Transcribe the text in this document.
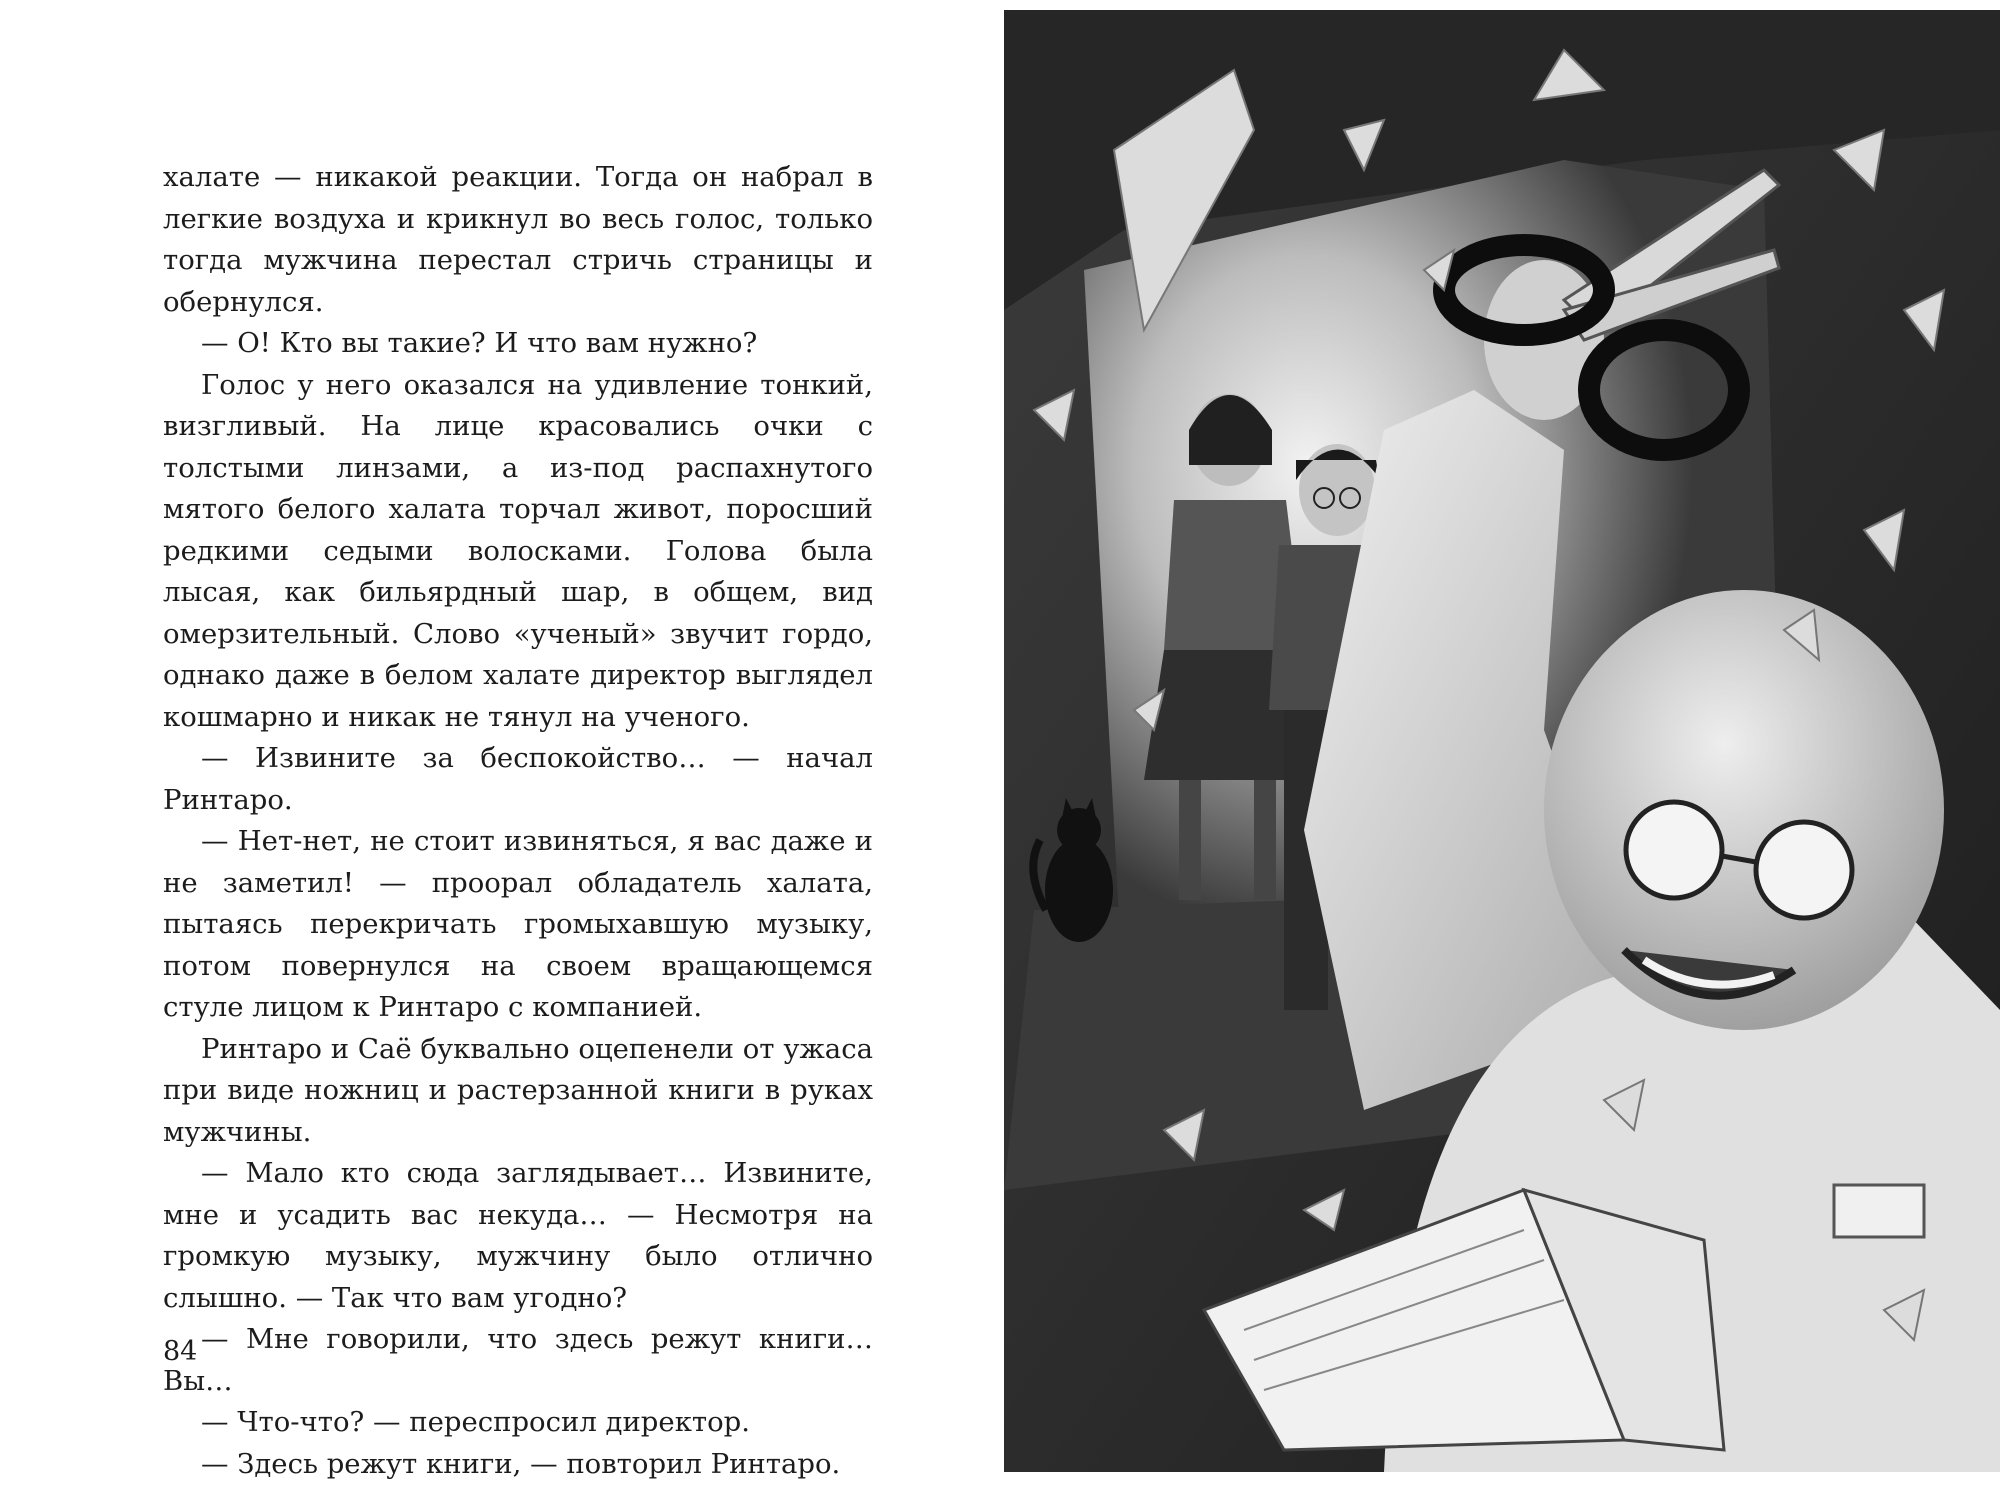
халате — никакой реакции. Тогда он набрал в легкие воздуха и крикнул во весь голос, только тогда мужчина перестал стричь страницы и обернулся.

— О! Кто вы такие? И что вам нужно?

Голос у него оказался на удивление тонкий, визгливый. На лице красовались очки с толстыми линзами, а из-под распахнутого мятого белого халата торчал живот, поросший редкими седыми волосками. Голова была лысая, как бильярдный шар, в общем, вид омерзительный. Слово «ученый» звучит гордо, однако даже в белом халате директор выглядел кошмарно и никак не тянул на ученого.

— Извините за беспокойство… — начал Ринтаро.

— Нет-нет, не стоит извиняться, я вас даже и не заметил! — проорал обладатель халата, пытаясь перекричать громыхавшую музыку, потом повернулся на своем вращающемся стуле лицом к Ринтаро с компанией.

Ринтаро и Саё буквально оцепенели от ужаса при виде ножниц и растерзанной книги в руках мужчины.

— Мало кто сюда заглядывает… Извините, мне и усадить вас некуда… — Несмотря на громкую музыку, мужчину было отлично слышно. — Так что вам угодно?

— Мне говорили, что здесь режут книги… Вы…

— Что-что? — переспросил директор.

— Здесь режут книги, — повторил Ринтаро.

84
